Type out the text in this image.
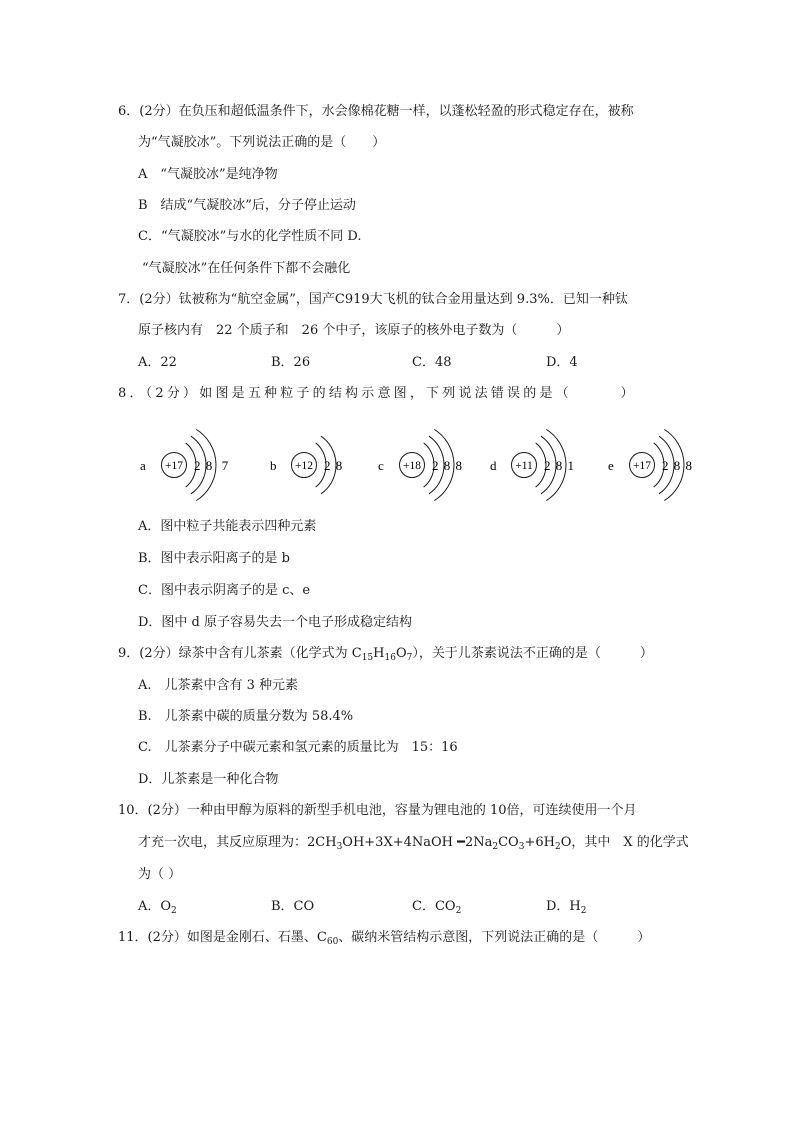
6．(2分）在负压和超低温条件下，水会像棉花糖一样，以蓬松轻盈的形式稳定存在，被称
为“气凝胶冰”。下列说法正确的是（　　）
A　“气凝胶冰”是纯净物
B　结成“气凝胶冰”后，分子停止运动
C．“气凝胶冰”与水的化学性质不同 D.
“气凝胶冰”在任何条件下都不会融化
7．(2分）钛被称为“航空金属”，国产C919大飞机的钛合金用量达到 9.3%．已知一种钛
原子核内有　22 个质子和　26 个中子，该原子的核外电子数为（　　　）
A．22	B．26	C．48	D．4
8．（2分）如图是五种粒子的结构示意图，下列说法错误的是（　　　）
a +17 2 8  7	b +12 2 8	c +18 2 8 8 d +11 2 8 1	e +17 2 8 8
A．图中粒子共能表示四种元素
B．图中表示阳离子的是 b
C．图中表示阴离子的是 c、e
D．图中 d 原子容易失去一个电子形成稳定结构
9．(2分）绿茶中含有儿茶素（化学式为 $C_{15}H_{16}O_7$），关于儿茶素说法不正确的是（　　　）
A.　儿茶素中含有 3 种元素
B.　儿茶素中碳的质量分数为 58.4%
C.　儿茶素分子中碳元素和氢元素的质量比为　15：16
D．儿茶素是一种化合物
10．(2分）一种由甲醇为原料的新型手机电池，容量为锂电池的 10倍，可连续使用一个月
才充一次电，其反应原理为：$2CH_3OH+3X+4NaOH$ $━2Na_2CO_3+6H_2O$，其中　X 的化学式
为（ ）
A．$O_2$	B．CO	C．$CO_2$	D．$H_2$
11．(2分）如图是金刚石、石墨、$C_{60}$、碳纳米管结构示意图，下列说法正确的是（　　　）
